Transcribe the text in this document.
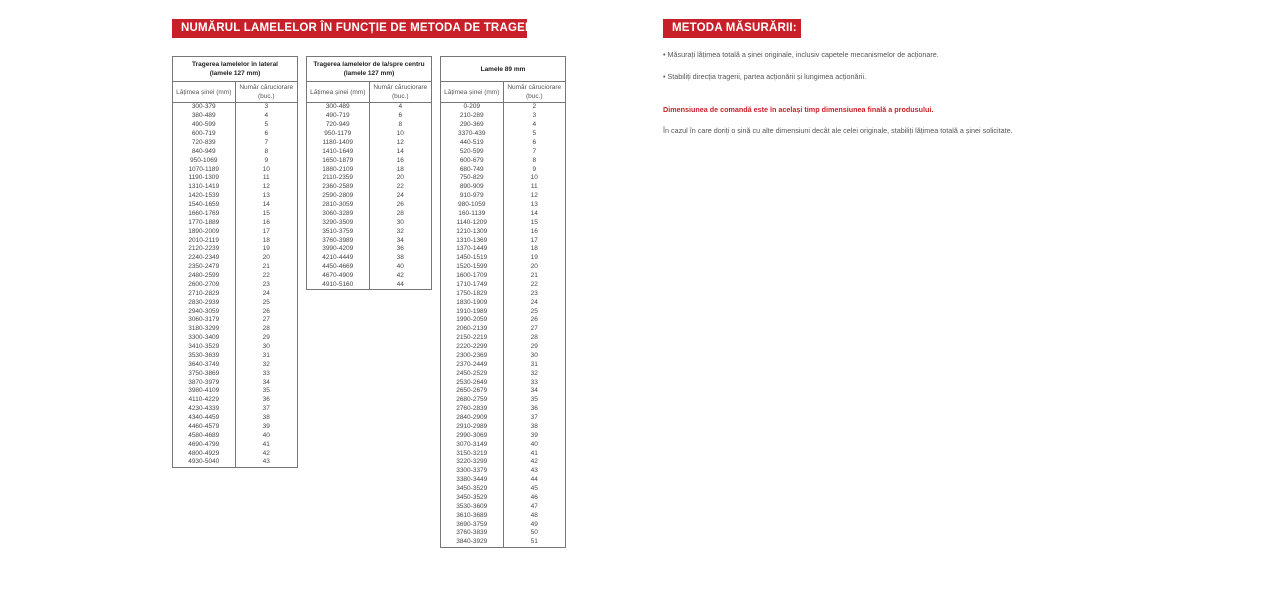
NUMĂRUL LAMELELOR ÎN FUNCȚIE DE METODA DE TRAGERE	METODA MĂSURĂRII:
Tragerea lamelelor în lateral
(lamele 127 mm)	
Lățimea șinei (mm)	Număr căruciorare (buc.)
300-379	3
380-489	4
490-599	5
600-719	6
720-839	7
840-949	8
950-1069	9
1070-1189	10
1190-1309	11
1310-1419	12
1420-1539	13
1540-1659	14
1660-1769	15
1770-1889	16
1890-2009	17
2010-2119	18
2120-2239	19
2240-2349	20
2350-2479	21
2480-2599	22
2600-2709	23
2710-2829	24
2830-2939	25
2940-3059	26
3060-3179	27
3180-3299	28
3300-3409	29
3410-3529	30
3530-3639	31
3640-3749	32
3750-3869	33
3870-3979	34
3980-4109	35
4110-4229	36
4230-4339	37
4340-4459	38
4460-4579	39
4580-4689	40
4690-4799	41
4800-4929	42
4930-5040	43
Tragerea lamelelor de la/spre centru
(lamele 127 mm)	
Lățimea șinei (mm)	Număr căruciorare (buc.)
300-489	4
490-719	6
720-949	8
950-1179	10
1180-1409	12
1410-1649	14
1650-1879	16
1880-2109	18
2110-2359	20
2360-2589	22
2590-2809	24
2810-3059	26
3060-3289	28
3290-3509	30
3510-3759	32
3760-3989	34
3990-4209	36
4210-4449	38
4450-4669	40
4670-4909	42
4910-5160	44
Lamele 89 mm	
Lățimea șinei (mm)	Număr căruciorare (buc.)
0-209	2
210-289	3
290-369	4
3370-439	5
440-519	6
520-599	7
600-679	8
680-749	9
750-829	10
890-909	11
910-979	12
980-1059	13
160-1139	14
1140-1209	15
1210-1309	16
1310-1369	17
1370-1449	18
1450-1519	19
1520-1599	20
1600-1709	21
1710-1749	22
1750-1829	23
1830-1909	24
1910-1989	25
1990-2059	26
2060-2139	27
2150-2219	28
2220-2299	29
2300-2369	30
2370-2449	31
2450-2529	32
2530-2649	33
2650-2679	34
2680-2759	35
2760-2839	36
2840-2909	37
2910-2989	38
2990-3069	39
3070-3149	40
3150-3219	41
3220-3299	42
3300-3379	43
3380-3449	44
3450-3529	45
3450-3529	46
3530-3609	47
3610-3689	48
3690-3759	49
3760-3839	50
3840-3929	51
• Măsurați lățimea totală a șinei originale, inclusiv capetele mecanismelor de acționare.
• Stabiliți direcția tragerii, partea acționării și lungimea acționării.
Dimensiunea de comandă este în același timp dimensiunea finală a produsului.
În cazul în care doriți o șină cu alte dimensiuni decât ale celei originale, stabiliți lățimea totală a șinei solicitate.
